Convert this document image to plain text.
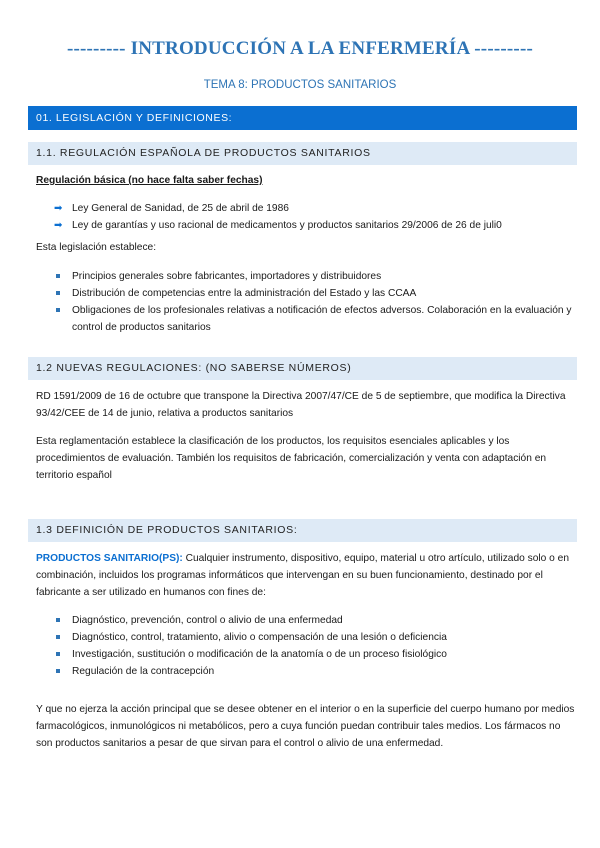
--------- INTRODUCCIÓN A LA ENFERMERÍA ---------
TEMA 8: PRODUCTOS SANITARIOS
01. LEGISLACIÓN Y DEFINICIONES:
1.1. REGULACIÓN ESPAÑOLA DE PRODUCTOS SANITARIOS
Regulación básica (no hace falta saber fechas)
➡ Ley General de Sanidad, de 25 de abril de 1986
➡ Ley de garantías y uso racional de medicamentos y productos sanitarios 29/2006 de 26 de juli0
Esta legislación establece:
Principios generales sobre fabricantes, importadores y distribuidores
Distribución de competencias entre la administración del Estado y las CCAA
Obligaciones de los profesionales relativas a notificación de efectos adversos. Colaboración en la evaluación y control de productos sanitarios
1.2 NUEVAS REGULACIONES: (NO SABERSE NÚMEROS)
RD 1591/2009 de 16 de octubre que transpone la Directiva 2007/47/CE de 5 de septiembre, que modifica la Directiva 93/42/CEE de 14 de junio, relativa a productos sanitarios
Esta reglamentación establece la clasificación de los productos, los requisitos esenciales aplicables y los procedimientos de evaluación. También los requisitos de fabricación, comercialización y venta con adaptación en territorio español
1.3 DEFINICIÓN DE PRODUCTOS SANITARIOS:
PRODUCTOS SANITARIO(PS): Cualquier instrumento, dispositivo, equipo, material u otro artículo, utilizado solo o en combinación, incluidos los programas informáticos que intervengan en su buen funcionamiento, destinado por el fabricante a ser utilizado en humanos con fines de:
Diagnóstico, prevención, control o alivio de una enfermedad
Diagnóstico, control, tratamiento, alivio o compensación de una lesión o deficiencia
Investigación, sustitución o modificación de la anatomía o de un proceso fisiológico
Regulación de la contracepción
Y que no ejerza la acción principal que se desee obtener en el interior o en la superficie del cuerpo humano por medios farmacológicos, inmunológicos ni metabólicos, pero a cuya función puedan contribuir tales medios. Los fármacos no son productos sanitarios a pesar de que sirvan para el control o alivio de una enfermedad.
